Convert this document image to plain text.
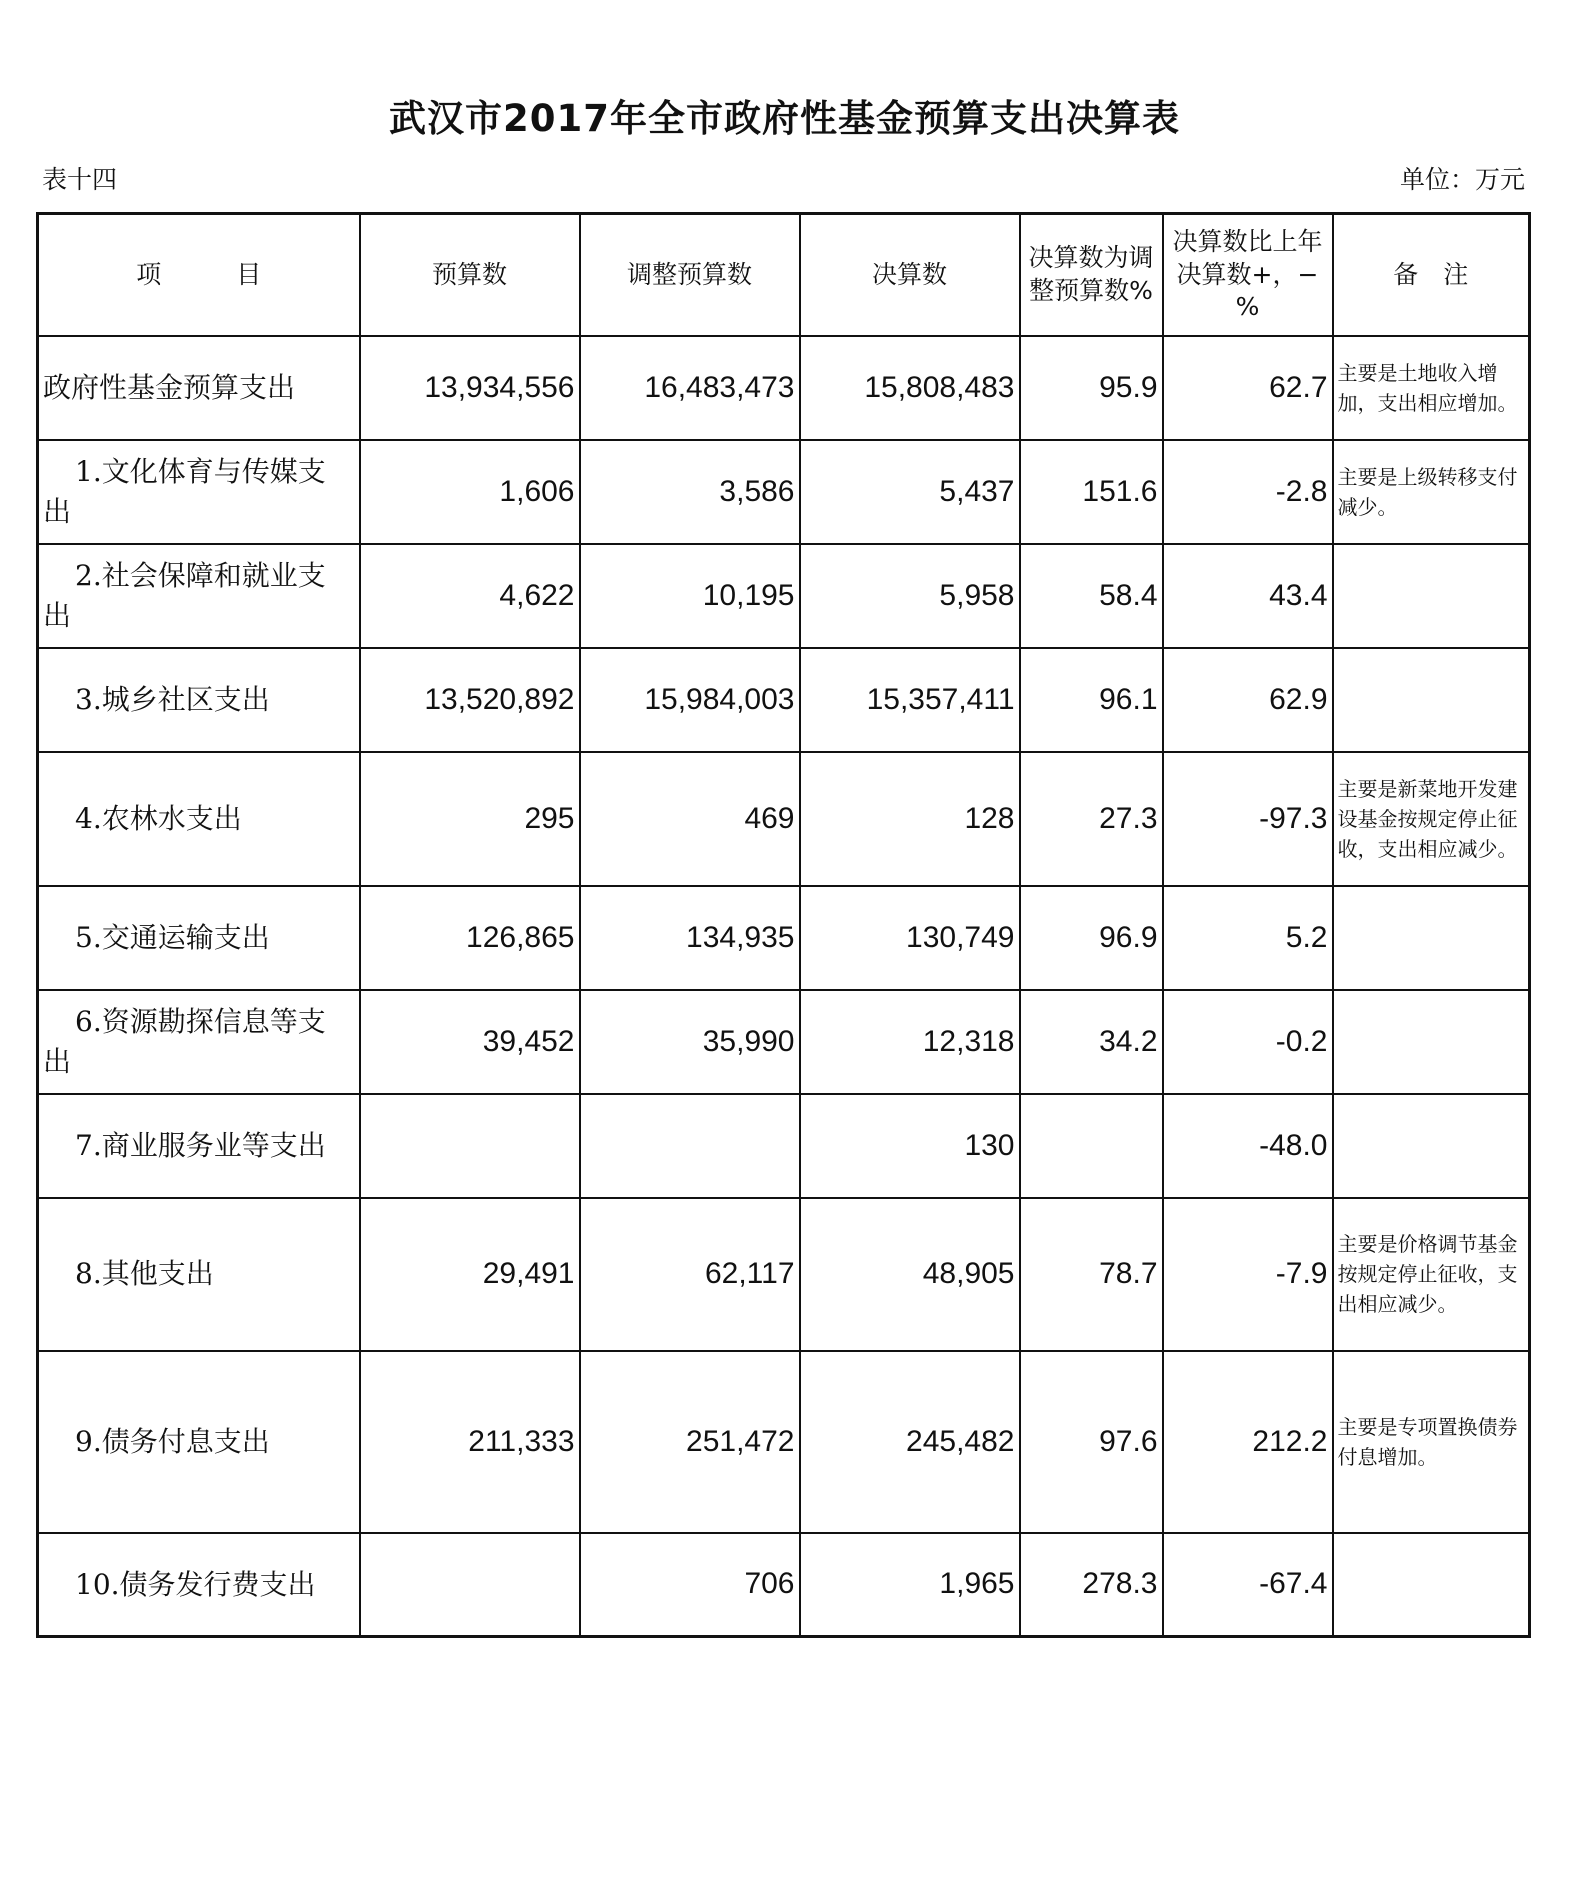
武汉市2017年全市政府性基金预算支出决算表
表十四	单位：万元
项　　　目	预算数	调整预算数	决算数	决算数为调整预算数%	决算数比上年决算数+，−%	备　注
政府性基金预算支出	13,934,556	16,483,473	15,808,483	95.9	62.7	主要是土地收入增加，支出相应增加。
1.文化体育与传媒支出	1,606	3,586	5,437	151.6	-2.8	主要是上级转移支付减少。
2.社会保障和就业支出	4,622	10,195	5,958	58.4	43.4	
3.城乡社区支出	13,520,892	15,984,003	15,357,411	96.1	62.9	
4.农林水支出	295	469	128	27.3	-97.3	主要是新菜地开发建设基金按规定停止征收，支出相应减少。
5.交通运输支出	126,865	134,935	130,749	96.9	5.2	
6.资源勘探信息等支出	39,452	35,990	12,318	34.2	-0.2	
7.商业服务业等支出			130		-48.0	
8.其他支出	29,491	62,117	48,905	78.7	-7.9	主要是价格调节基金按规定停止征收，支出相应减少。
9.债务付息支出	211,333	251,472	245,482	97.6	212.2	主要是专项置换债券付息增加。
10.债务发行费支出		706	1,965	278.3	-67.4	
